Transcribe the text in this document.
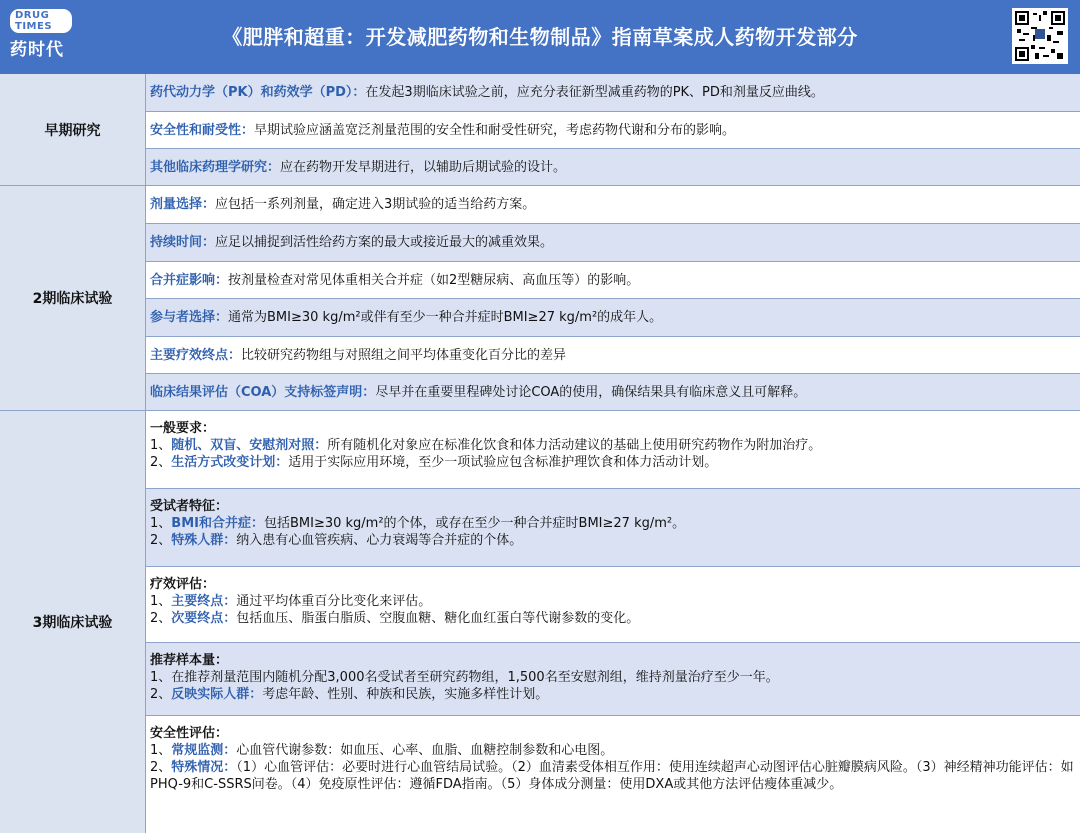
DRUG TIMES
药时代
《肥胖和超重：开发减肥药物和生物制品》指南草案成人药物开发部分
早期研究
药代动力学（PK）和药效学（PD）：在发起3期临床试验之前，应充分表征新型减重药物的PK、PD和剂量反应曲线。
安全性和耐受性：早期试验应涵盖宽泛剂量范围的安全性和耐受性研究，考虑药物代谢和分布的影响。
其他临床药理学研究：应在药物开发早期进行，以辅助后期试验的设计。
2期临床试验
剂量选择：应包括一系列剂量，确定进入3期试验的适当给药方案。
持续时间：应足以捕捉到活性给药方案的最大或接近最大的减重效果。
合并症影响：按剂量检查对常见体重相关合并症（如2型糖尿病、高血压等）的影响。
参与者选择：通常为BMI≥30 kg/m²或伴有至少一种合并症时BMI≥27 kg/m²的成年人。
主要疗效终点：比较研究药物组与对照组之间平均体重变化百分比的差异
临床结果评估（COA）支持标签声明：尽早并在重要里程碑处讨论COA的使用，确保结果具有临床意义且可解释。
3期临床试验
一般要求：
1、随机、双盲、安慰剂对照：所有随机化对象应在标准化饮食和体力活动建议的基础上使用研究药物作为附加治疗。
2、生活方式改变计划：适用于实际应用环境，至少一项试验应包含标准护理饮食和体力活动计划。
受试者特征：
1、BMI和合并症：包括BMI≥30 kg/m²的个体，或存在至少一种合并症时BMI≥27 kg/m²。
2、特殊人群：纳入患有心血管疾病、心力衰竭等合并症的个体。
疗效评估：
1、主要终点：通过平均体重百分比变化来评估。
2、次要终点：包括血压、脂蛋白脂质、空腹血糖、糖化血红蛋白等代谢参数的变化。
推荐样本量：
1、在推荐剂量范围内随机分配3,000名受试者至研究药物组，1,500名至安慰剂组，维持剂量治疗至少一年。
2、反映实际人群：考虑年龄、性别、种族和民族，实施多样性计划。
安全性评估：
1、常规监测：心血管代谢参数：如血压、心率、血脂、血糖控制参数和心电图。
2、特殊情况：（1）心血管评估：必要时进行心血管结局试验。（2）血清素受体相互作用：使用连续超声心动图评估心脏瓣膜病风险。（3）神经精神功能评估：如PHQ-9和C-SSRS问卷。（4）免疫原性评估：遵循FDA指南。（5）身体成分测量：使用DXA或其他方法评估瘦体重减少。
